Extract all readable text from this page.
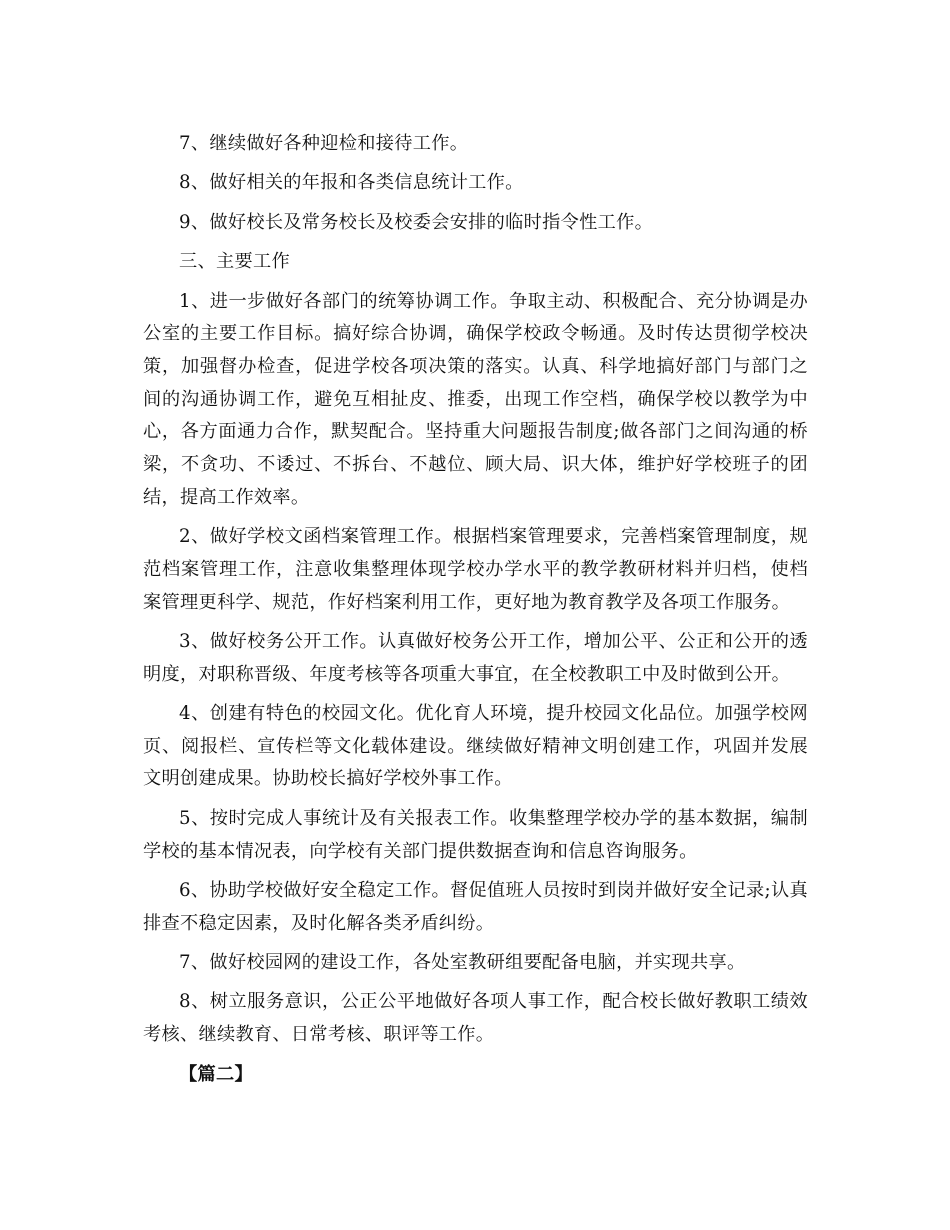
7、继续做好各种迎检和接待工作。

8、做好相关的年报和各类信息统计工作。

9、做好校长及常务校长及校委会安排的临时指令性工作。

三、主要工作

1、进一步做好各部门的统筹协调工作。争取主动、积极配合、充分协调是办公室的主要工作目标。搞好综合协调，确保学校政令畅通。及时传达贯彻学校决策，加强督办检查，促进学校各项决策的落实。认真、科学地搞好部门与部门之间的沟通协调工作，避免互相扯皮、推委，出现工作空档，确保学校以教学为中心，各方面通力合作，默契配合。坚持重大问题报告制度;做各部门之间沟通的桥梁，不贪功、不诿过、不拆台、不越位、顾大局、识大体，维护好学校班子的团结，提高工作效率。

2、做好学校文函档案管理工作。根据档案管理要求，完善档案管理制度，规范档案管理工作，注意收集整理体现学校办学水平的教学教研材料并归档，使档案管理更科学、规范，作好档案利用工作，更好地为教育教学及各项工作服务。

3、做好校务公开工作。认真做好校务公开工作，增加公平、公正和公开的透明度，对职称晋级、年度考核等各项重大事宜，在全校教职工中及时做到公开。

4、创建有特色的校园文化。优化育人环境，提升校园文化品位。加强学校网页、阅报栏、宣传栏等文化载体建设。继续做好精神文明创建工作，巩固并发展文明创建成果。协助校长搞好学校外事工作。

5、按时完成人事统计及有关报表工作。收集整理学校办学的基本数据，编制学校的基本情况表，向学校有关部门提供数据查询和信息咨询服务。

6、协助学校做好安全稳定工作。督促值班人员按时到岗并做好安全记录;认真排查不稳定因素，及时化解各类矛盾纠纷。

7、做好校园网的建设工作，各处室教研组要配备电脑，并实现共享。

8、树立服务意识，公正公平地做好各项人事工作，配合校长做好教职工绩效考核、继续教育、日常考核、职评等工作。

【篇二】
